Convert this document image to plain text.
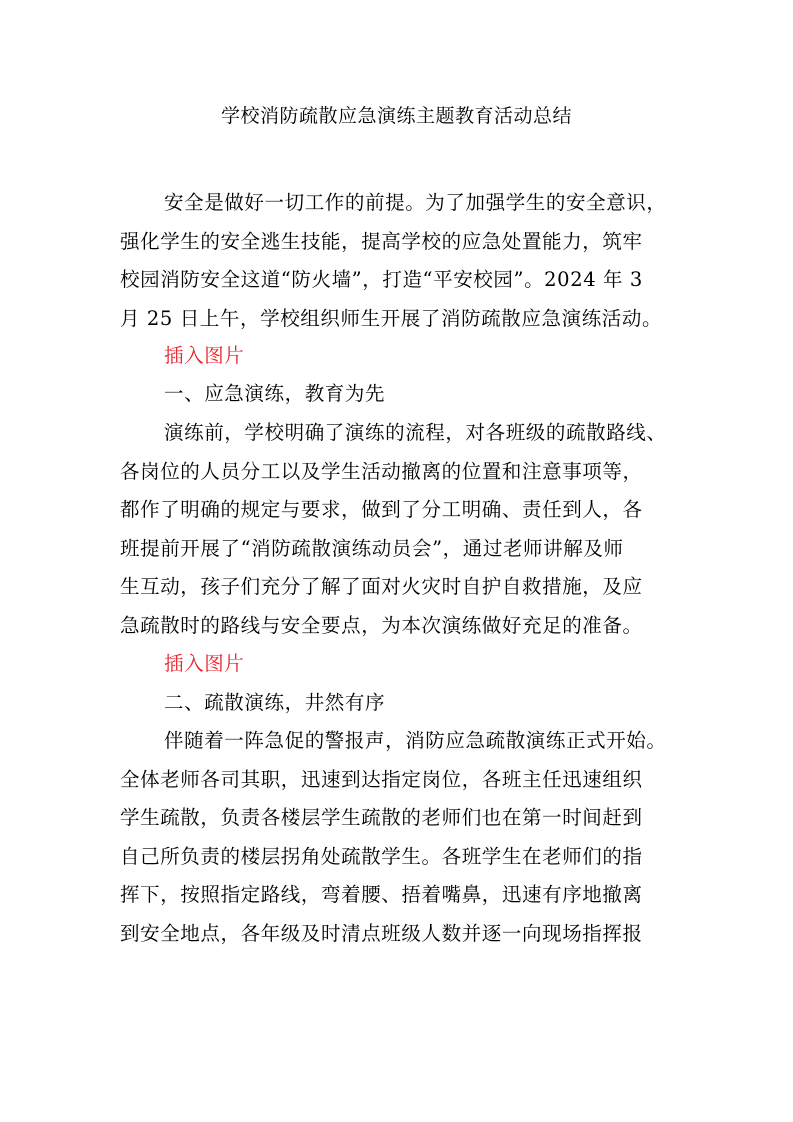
学校消防疏散应急演练主题教育活动总结
安全是做好一切工作的前提。为了加强学生的安全意识，
强化学生的安全逃生技能，提高学校的应急处置能力，筑牢
校园消防安全这道“防火墙”，打造“平安校园”。2024 年 3
月 25 日上午，学校组织师生开展了消防疏散应急演练活动。
插入图片
一、应急演练，教育为先
演练前，学校明确了演练的流程，对各班级的疏散路线、
各岗位的人员分工以及学生活动撤离的位置和注意事项等，
都作了明确的规定与要求，做到了分工明确、责任到人，各
班提前开展了“消防疏散演练动员会”，通过老师讲解及师
生互动，孩子们充分了解了面对火灾时自护自救措施，及应
急疏散时的路线与安全要点，为本次演练做好充足的准备。
插入图片
二、疏散演练，井然有序
伴随着一阵急促的警报声，消防应急疏散演练正式开始。
全体老师各司其职，迅速到达指定岗位，各班主任迅速组织
学生疏散，负责各楼层学生疏散的老师们也在第一时间赶到
自己所负责的楼层拐角处疏散学生。各班学生在老师们的指
挥下，按照指定路线，弯着腰、捂着嘴鼻，迅速有序地撤离
到安全地点，各年级及时清点班级人数并逐一向现场指挥报
